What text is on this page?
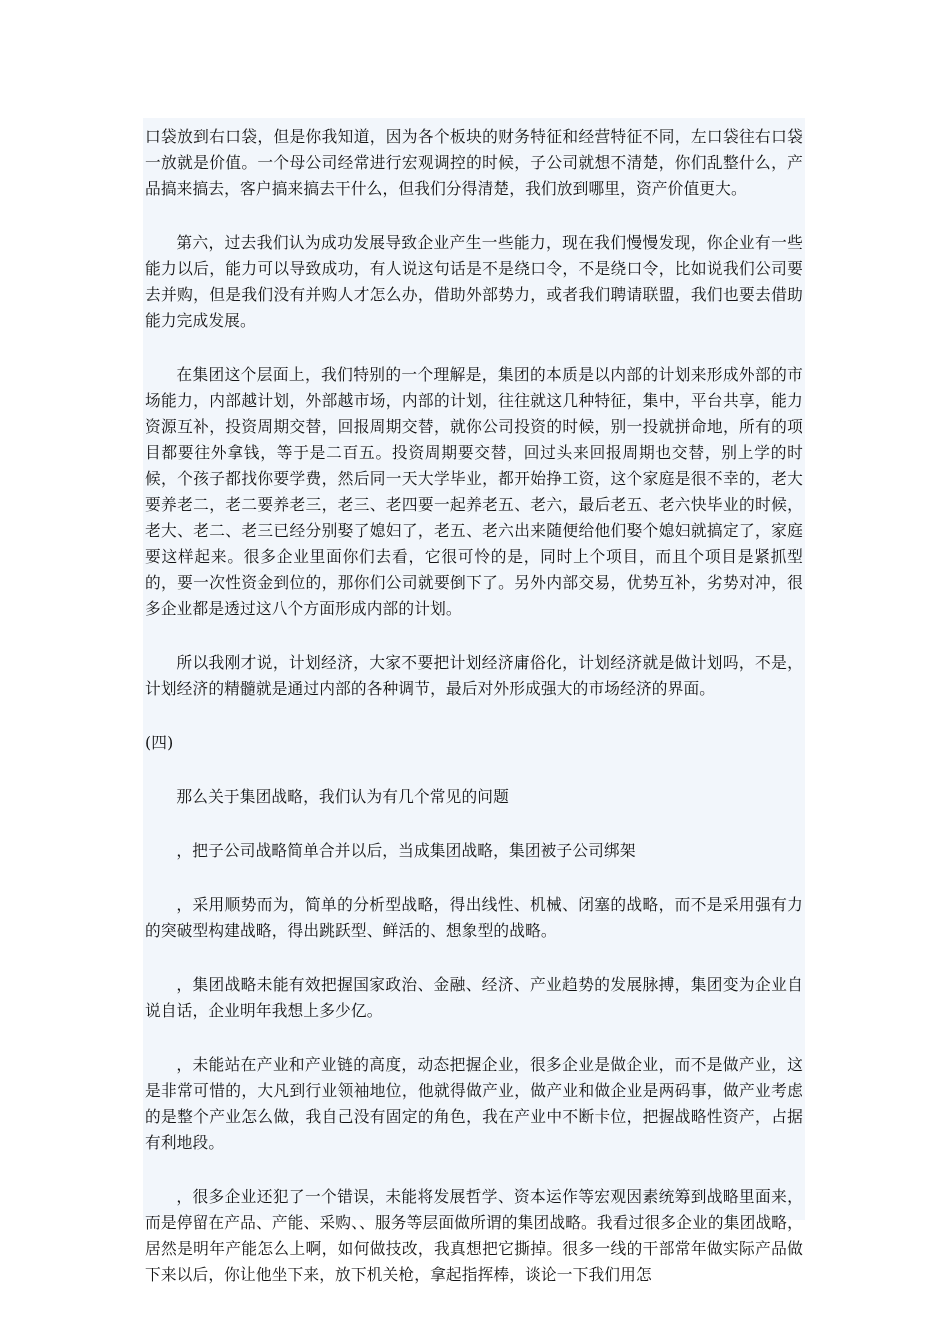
口袋放到右口袋，但是你我知道，因为各个板块的财务特征和经营特征不同，左口袋往右口袋一放就是价值。一个母公司经常进行宏观调控的时候，子公司就想不清楚，你们乱整什么，产品搞来搞去，客户搞来搞去干什么，但我们分得清楚，我们放到哪里，资产价值更大。

第六，过去我们认为成功发展导致企业产生一些能力，现在我们慢慢发现，你企业有一些能力以后，能力可以导致成功，有人说这句话是不是绕口令，不是绕口令，比如说我们公司要去并购，但是我们没有并购人才怎么办，借助外部势力，或者我们聘请联盟，我们也要去借助能力完成发展。

在集团这个层面上，我们特别的一个理解是，集团的本质是以内部的计划来形成外部的市场能力，内部越计划，外部越市场，内部的计划，往往就这几种特征，集中，平台共享，能力资源互补，投资周期交替，回报周期交替，就你公司投资的时候，别一投就拼命地，所有的项目都要往外拿钱，等于是二百五。投资周期要交替，回过头来回报周期也交替，别上学的时候，个孩子都找你要学费，然后同一天大学毕业，都开始挣工资，这个家庭是很不幸的，老大要养老二，老二要养老三，老三、老四要一起养老五、老六，最后老五、老六快毕业的时候，老大、老二、老三已经分别娶了媳妇了，老五、老六出来随便给他们娶个媳妇就搞定了，家庭要这样起来。很多企业里面你们去看，它很可怜的是，同时上个项目，而且个项目是紧抓型的，要一次性资金到位的，那你们公司就要倒下了。另外内部交易，优势互补，劣势对冲，很多企业都是透过这八个方面形成内部的计划。

所以我刚才说，计划经济，大家不要把计划经济庸俗化，计划经济就是做计划吗，不是，计划经济的精髓就是通过内部的各种调节，最后对外形成强大的市场经济的界面。

(四)

那么关于集团战略，我们认为有几个常见的问题

，把子公司战略简单合并以后，当成集团战略，集团被子公司绑架

，采用顺势而为，简单的分析型战略，得出线性、机械、闭塞的战略，而不是采用强有力的突破型构建战略，得出跳跃型、鲜活的、想象型的战略。

，集团战略未能有效把握国家政治、金融、经济、产业趋势的发展脉搏，集团变为企业自说自话，企业明年我想上多少亿。

，未能站在产业和产业链的高度，动态把握企业，很多企业是做企业，而不是做产业，这是非常可惜的，大凡到行业领袖地位，他就得做产业，做产业和做企业是两码事，做产业考虑的是整个产业怎么做，我自己没有固定的角色，我在产业中不断卡位，把握战略性资产，占据有利地段。

，很多企业还犯了一个错误，未能将发展哲学、资本运作等宏观因素统筹到战略里面来，而是停留在产品、产能、采购、、服务等层面做所谓的集团战略。我看过很多企业的集团战略，居然是明年产能怎么上啊，如何做技改，我真想把它撕掉。很多一线的干部常年做实际产品做下来以后，你让他坐下来，放下机关枪，拿起指挥棒，谈论一下我们用怎
